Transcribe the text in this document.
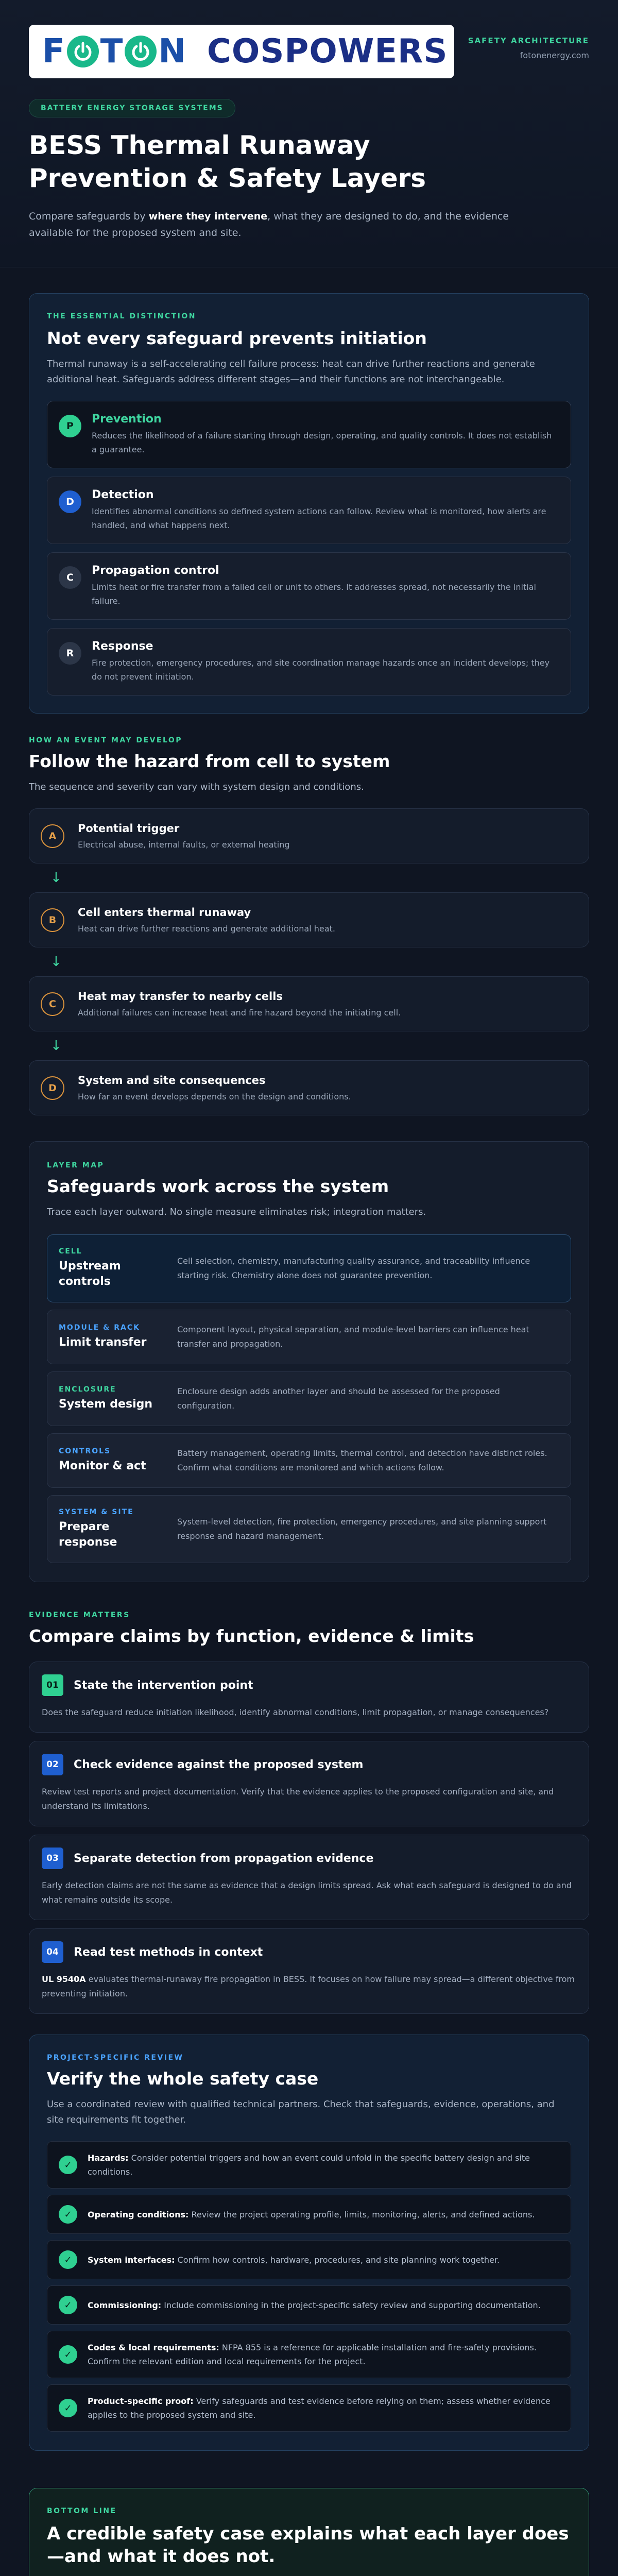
F T N COSPOWERS	SAFETY ARCHITECTURE
fotonenergy.com
BATTERY ENERGY STORAGE SYSTEMS
BESS Thermal Runaway
Prevention & Safety Layers

Compare safeguards by where they intervene, what they are designed to do, and the evidence available for the proposed system and site.

THE ESSENTIAL DISTINCTION
Not every safeguard prevents initiation

Thermal runaway is a self-accelerating cell failure process: heat can drive further reactions and generate additional heat. Safeguards address different stages—and their functions are not interchangeable.

P
Prevention
Reduces the likelihood of a failure starting through design, operating, and quality controls. It does not establish a guarantee.
D
Detection
Identifies abnormal conditions so defined system actions can follow. Review what is monitored, how alerts are handled, and what happens next.
C
Propagation control
Limits heat or fire transfer from a failed cell or unit to others. It addresses spread, not necessarily the initial failure.
R
Response
Fire protection, emergency procedures, and site coordination manage hazards once an incident develops; they do not prevent initiation.
HOW AN EVENT MAY DEVELOP
Follow the hazard from cell to system

The sequence and severity can vary with system design and conditions.

A
Potential trigger
Electrical abuse, internal faults, or external heating
↓
B
Cell enters thermal runaway
Heat can drive further reactions and generate additional heat.
↓
C
Heat may transfer to nearby cells
Additional failures can increase heat and fire hazard beyond the initiating cell.
↓
D
System and site consequences
How far an event develops depends on the design and conditions.
LAYER MAP
Safeguards work across the system

Trace each layer outward. No single measure eliminates risk; integration matters.

CELL
Upstream controls
Cell selection, chemistry, manufacturing quality assurance, and traceability influence starting risk. Chemistry alone does not guarantee prevention.
MODULE & RACK
Limit transfer
Component layout, physical separation, and module-level barriers can influence heat transfer and propagation.
ENCLOSURE
System design
Enclosure design adds another layer and should be assessed for the proposed configuration.
CONTROLS
Monitor & act
Battery management, operating limits, thermal control, and detection have distinct roles. Confirm what conditions are monitored and which actions follow.
SYSTEM & SITE
Prepare response
System-level detection, fire protection, emergency procedures, and site planning support response and hazard management.
EVIDENCE MATTERS
Compare claims by function, evidence & limits
01	State the intervention point
Does the safeguard reduce initiation likelihood, identify abnormal conditions, limit propagation, or manage consequences?
02	Check evidence against the proposed system
Review test reports and project documentation. Verify that the evidence applies to the proposed configuration and site, and understand its limitations.
03	Separate detection from propagation evidence
Early detection claims are not the same as evidence that a design limits spread. Ask what each safeguard is designed to do and what remains outside its scope.
04	Read test methods in context
UL 9540A evaluates thermal-runaway fire propagation in BESS. It focuses on how failure may spread—a different objective from preventing initiation.
PROJECT-SPECIFIC REVIEW
Verify the whole safety case

Use a coordinated review with qualified technical partners. Check that safeguards, evidence, operations, and site requirements fit together.

✓
Hazards: Consider potential triggers and how an event could unfold in the specific battery design and site conditions.
✓	Operating conditions: Review the project operating profile, limits, monitoring, alerts, and defined actions.
✓	System interfaces: Confirm how controls, hardware, procedures, and site planning work together.
✓	Commissioning: Include commissioning in the project-specific safety review and supporting documentation.
✓
Codes & local requirements: NFPA 855 is a reference for applicable installation and fire-safety provisions. Confirm the relevant edition and local requirements for the project.
✓
Product-specific proof: Verify safeguards and test evidence before relying on them; assess whether evidence applies to the proposed system and site.
BOTTOM LINE
A credible safety case explains what each layer does—and what it does not.
